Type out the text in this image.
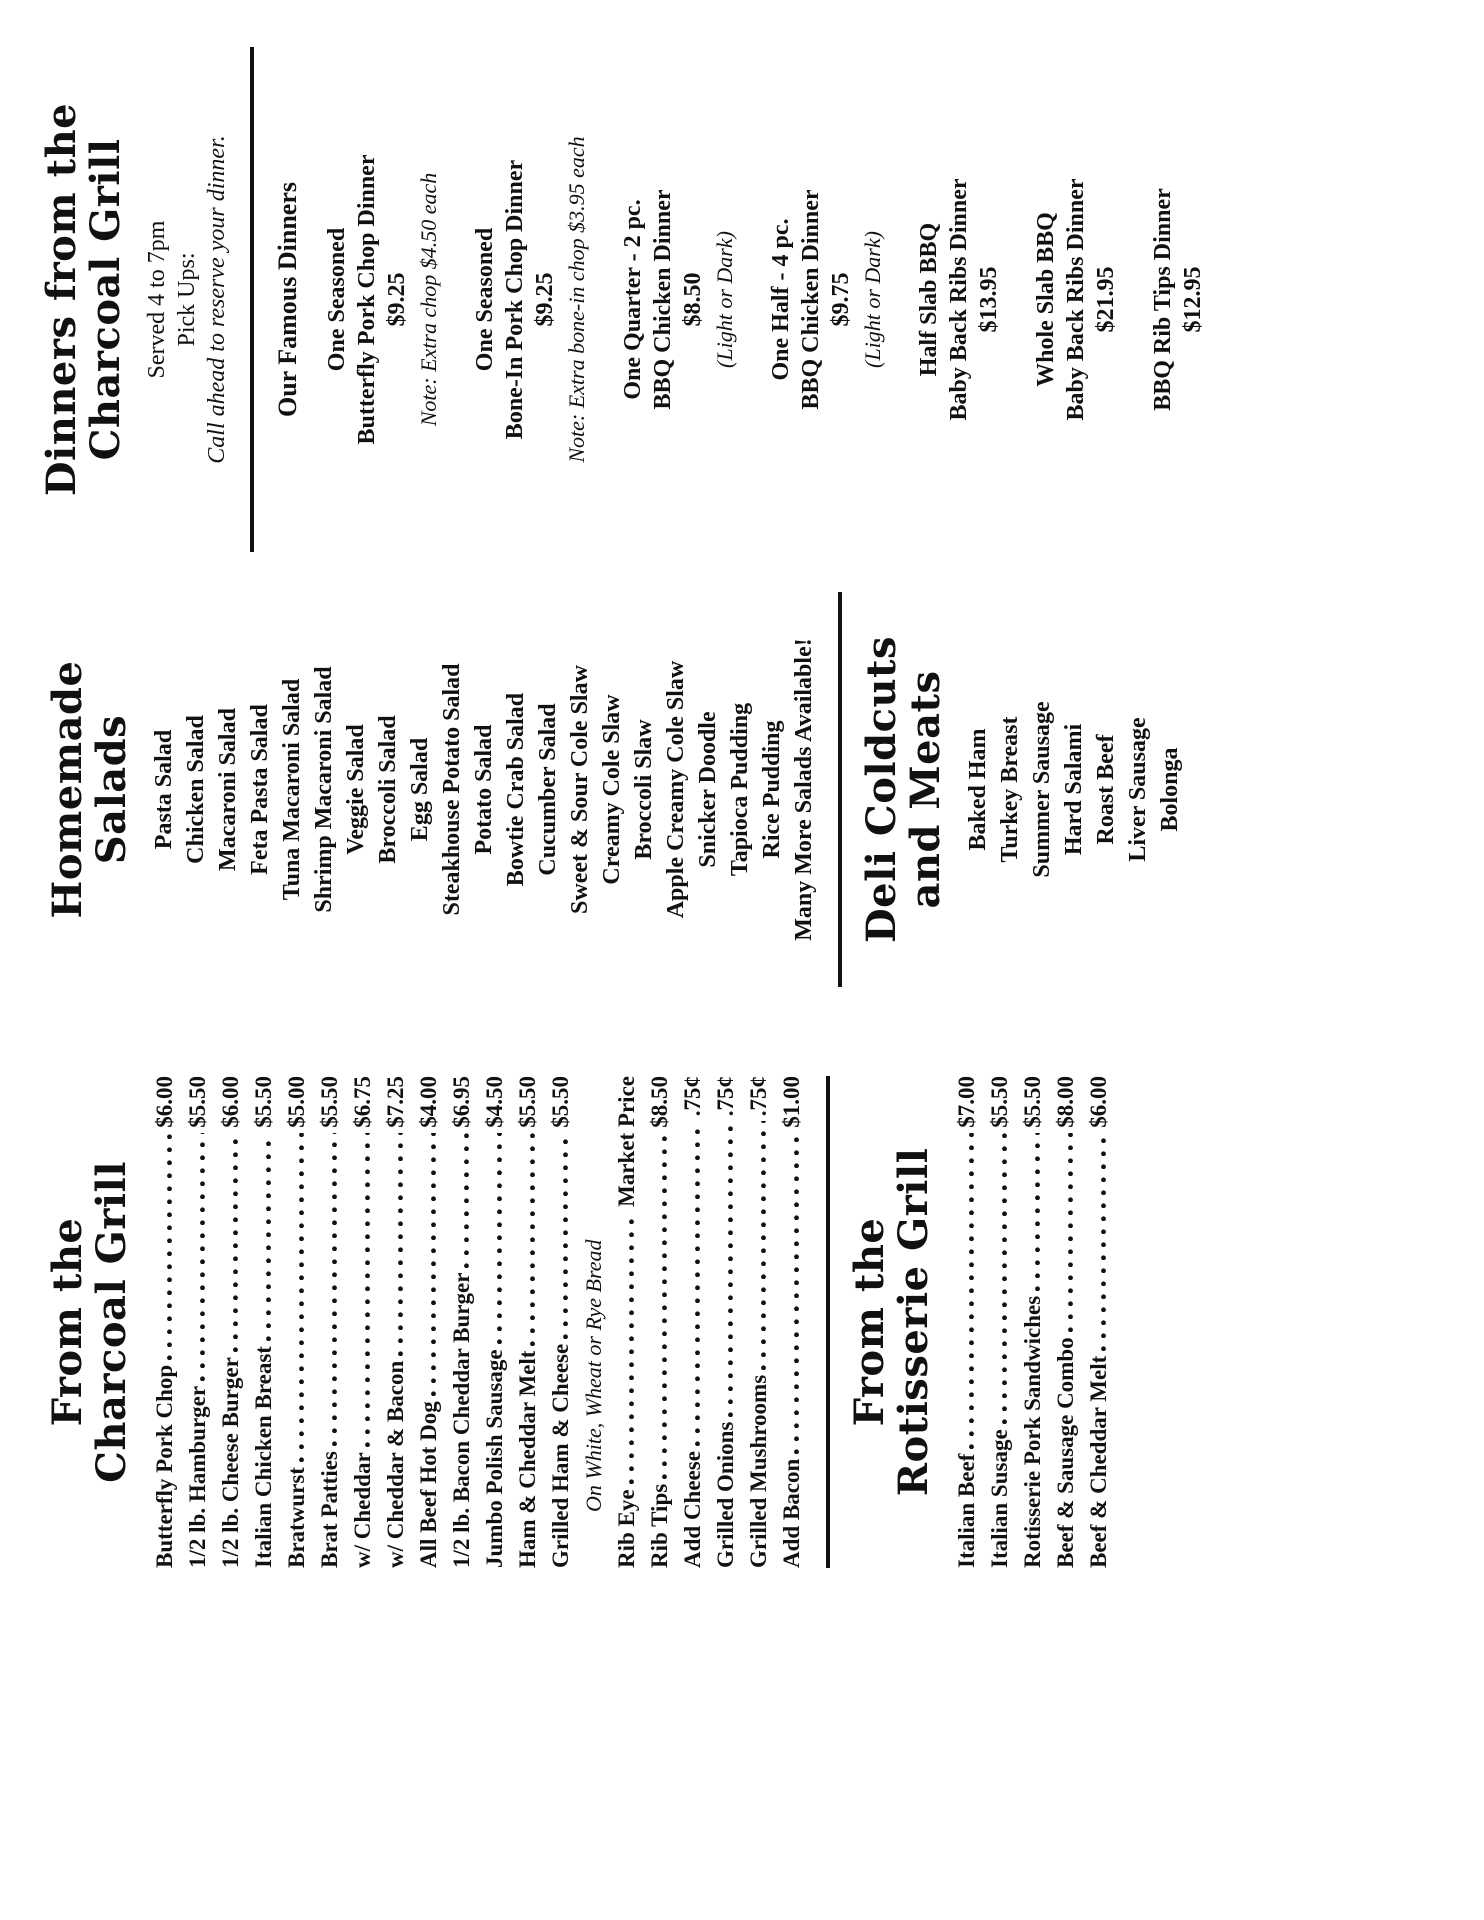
From the
Charcoal Grill Butterfly Pork Chop
$6.00
1/2 lb. Hamburger
$5.50
1/2 lb. Cheese Burger
$6.00
Italian Chicken Breast
$5.50
Bratwurst
$5.00
Brat Patties
$5.50
w/ Cheddar
$6.75
w/ Cheddar & Bacon
$7.25
All Beef Hot Dog
$4.00
1/2 lb. Bacon Cheddar Burger
$6.95
Jumbo Polish Sausage
$4.50
Ham & Cheddar Melt
$5.50
Grilled Ham & Cheese
$5.50
On White, Wheat or Rye Bread
Rib Eye
Market Price
Rib Tips
$8.50
Add Cheese
.75¢
Grilled Onions
.75¢
Grilled Mushrooms
.75¢
Add Bacon
$1.00
From the
Rotisserie Grill
Italian Beef
$7.00
Italian Susage
$5.50
Rotisserie Pork Sandwiches
$5.50
Beef & Sausage Combo
$8.00
Beef & Cheddar Melt
$6.00
Homemade
Salads Pasta Salad Chicken Salad Macaroni Salad Feta Pasta Salad Tuna Macaroni Salad Shrimp Macaroni Salad Veggie Salad Broccoli Salad Egg Salad Steakhouse Potato Salad Potato Salad Bowtie Crab Salad Cucumber Salad Sweet & Sour Cole Slaw Creamy Cole Slaw Broccoli Slaw Apple Creamy Cole Slaw Snicker Doodle Tapioca Pudding Rice Pudding Many More Salads Available! Deli Coldcuts
and Meats Baked Ham Turkey Breast Summer Sausage Hard Salami Roast Beef Liver Sausage Bolonga
Dinners from the
Charcoal Grill Served 4 to 7pm Pick Ups: Call ahead to reserve your dinner. Our Famous Dinners One Seasoned Butterfly Pork Chop Dinner $9.25 Note: Extra chop $4.50 each One Seasoned Bone-In Pork Chop Dinner $9.25 Note: Extra bone-in chop $3.95 each One Quarter - 2 pc. BBQ Chicken Dinner $8.50 (Light or Dark) One Half - 4 pc. BBQ Chicken Dinner $9.75 (Light or Dark) Half Slab BBQ Baby Back Ribs Dinner $13.95 Whole Slab BBQ Baby Back Ribs Dinner $21.95 BBQ Rib Tips Dinner $12.95
